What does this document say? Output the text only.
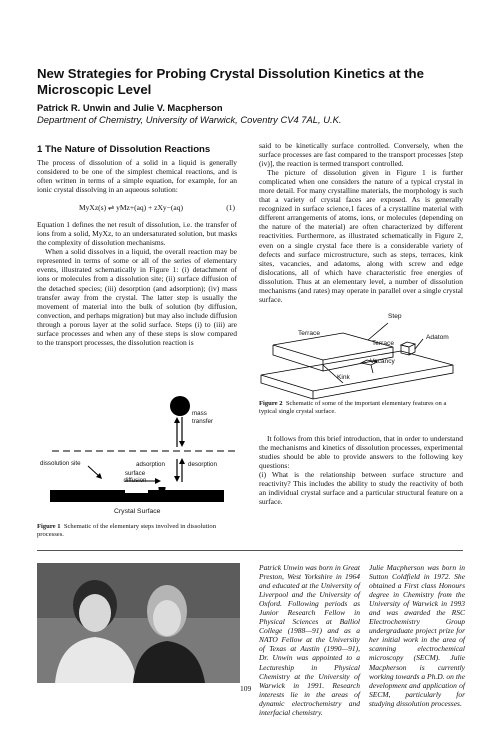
New Strategies for Probing Crystal Dissolution Kinetics at the Microscopic Level
Patrick R. Unwin and Julie V. Macpherson
Department of Chemistry, University of Warwick, Coventry CV4 7AL, U.K.
1 The Nature of Dissolution Reactions

The process of dissolution of a solid in a liquid is generally considered to be one of the simplest chemical reactions, and is often written in terms of a simple equation, for example, for an ionic crystal dissolving in an aqueous solution:

MyXz(s) ⇌ yMz+(aq) + zXy−(aq)	(1)

Equation 1 defines the net result of dissolution, i.e. the transfer of ions from a solid, MyXz, to an undersaturated solution, but masks the complexity of dissolution mechanisms.

When a solid dissolves in a liquid, the overall reaction may be represented in terms of some or all of the series of elementary events, illustrated schematically in Figure 1: (i) detachment of ions or molecules from a dissolution site; (ii) surface diffusion of the detached species; (iii) desorption (and adsorption); (iv) mass transfer away from the crystal. The latter step is usually the movement of material into the bulk of solution (by diffusion, convection, and perhaps migration) but may also include diffusion through a porous layer at the solid surface. Steps (i) to (iii) are surface processes and when any of these steps is slow compared to the transport processes, the dissolution reaction is

said to be kinetically surface controlled. Conversely, when the surface processes are fast compared to the transport processes [step (iv)], the reaction is termed transport controlled.

The picture of dissolution given in Figure 1 is further complicated when one considers the nature of a typical crystal in more detail. For many crystalline materials, the morphology is such that a variety of crystal faces are exposed. As is generally recognized in surface science,1 faces of a crystalline material with different arrangements of atoms, ions, or molecules (depending on the nature of the material) are often characterized by different reactivities. Furthermore, as illustrated schematically in Figure 2, even on a single crystal face there is a considerable variety of defects and surface microstructure, such as steps, terraces, kink sites, vacancies, and adatoms, along with screw and edge dislocations, all of which have characteristic free energies of dissolution. Thus at an elementary level, a number of dissolution mechanisms (and rates) may operate in parallel over a single crystal surface.

mass transfer
dissolution site	adsorption	desorption
surface diffusion
Crystal Surface
Figure 1 Schematic of the elementary steps involved in dissolution processes.
Step
Terrace
Terrace
Adatom
Vacancy
Kink
Figure 2 Schematic of some of the important elementary features on a typical single crystal surface.

It follows from this brief introduction, that in order to understand the mechanisms and kinetics of dissolution processes, experimental studies should be able to provide answers to the following key questions:

(i) What is the relationship between surface structure and reactivity? This includes the ability to study the reactivity of both an individual crystal surface and a particular structural feature on a surface.

Patrick Unwin was born in Great Preston, West Yorkshire in 1964 and educated at the University of Liverpool and the University of Oxford. Following periods as Junior Research Fellow in Physical Sciences at Balliol College (1988—91) and as a NATO Fellow at the University of Texas at Austin (1990—91), Dr. Unwin was appointed to a Lectureship in Physical Chemistry at the University of Warwick in 1991. Research interests lie in the areas of dynamic electrochemistry and interfacial chemistry.
Julie Macpherson was born in Sutton Coldfield in 1972. She obtained a First class Honours degree in Chemistry from the University of Warwick in 1993 and was awarded the RSC Electrochemistry Group undergraduate project prize for her initial work in the area of scanning electrochemical microscopy (SECM). Julie Macpherson is currently working towards a Ph.D. on the development and application of SECM, particularly for studying dissolution processes.
109
